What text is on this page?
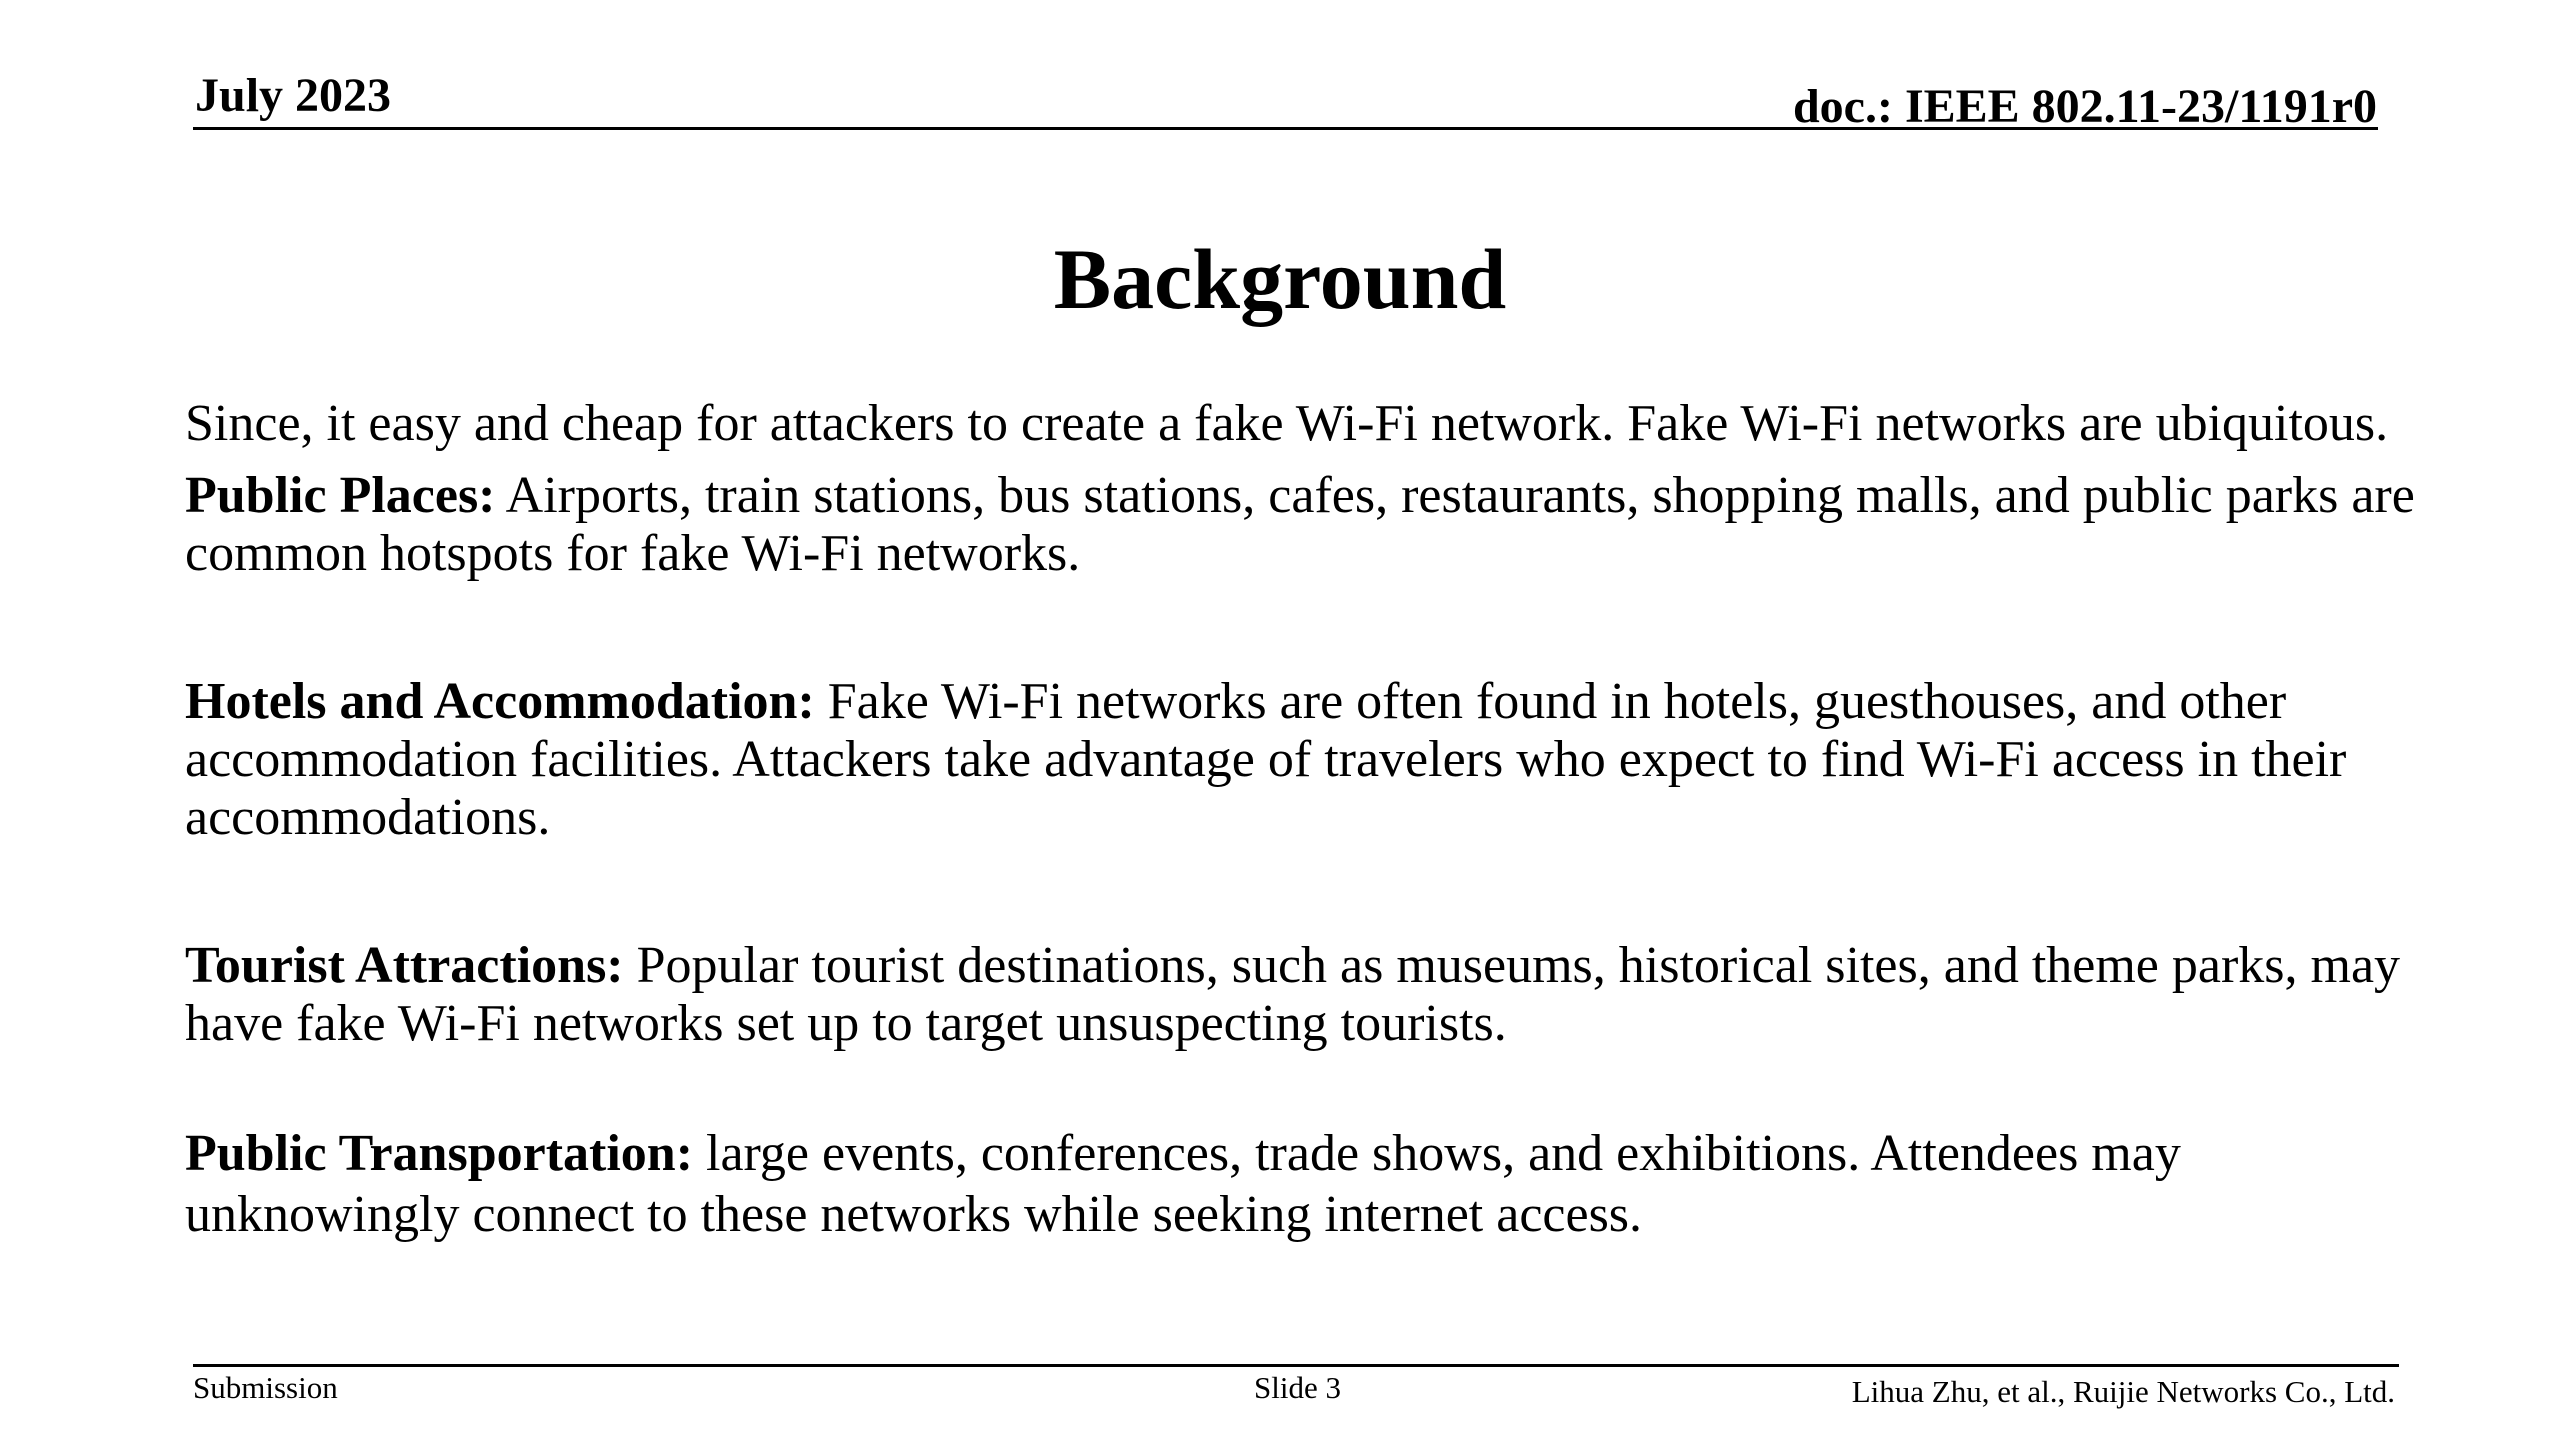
July 2023	doc.: IEEE 802.11-23/1191r0
Background

Since, it easy and cheap for attackers to create a fake Wi-Fi network. Fake Wi-Fi networks are ubiquitous.

Public Places: Airports, train stations, bus stations, cafes, restaurants, shopping malls, and public parks are common hotspots for fake Wi-Fi networks.

Hotels and Accommodation: Fake Wi-Fi networks are often found in hotels, guesthouses, and other accommodation facilities. Attackers take advantage of travelers who expect to find Wi-Fi access in their accommodations.

Tourist Attractions: Popular tourist destinations, such as museums, historical sites, and theme parks, may have fake Wi-Fi networks set up to target unsuspecting tourists.

Public Transportation: large events, conferences, trade shows, and exhibitions. Attendees may unknowingly connect to these networks while seeking internet access.

Submission	Slide 3	Lihua Zhu, et al., Ruijie Networks Co., Ltd.
